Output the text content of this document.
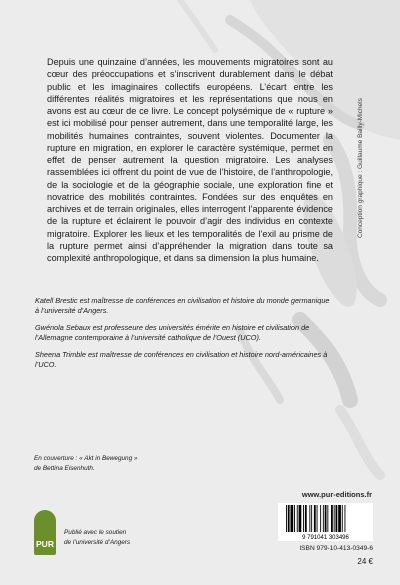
Depuis une quinzaine d’années, les mouvements migratoires sont au cœur des préoccupations et s’inscrivent durablement dans le débat public et les imaginaires collectifs européens. L’écart entre les différentes réalités migratoires et les représentations que nous en avons est au cœur de ce livre. Le concept polysémique de « rupture » est ici mobilisé pour penser autrement, dans une temporalité large, les mobilités humaines contraintes, souvent violentes. Documenter la rupture en migration, en explorer le caractère systémique, permet en effet de penser autrement la question migratoire. Les analyses rassemblées ici offrent du point de vue de l’histoire, de l’anthropologie, de la sociologie et de la géographie sociale, une exploration fine et novatrice des mobilités contraintes. Fondées sur des enquêtes en archives et de terrain originales, elles interrogent l’apparente évidence de la rupture et éclairent le pouvoir d’agir des individus en contexte migratoire. Explorer les lieux et les temporalités de l’exil au prisme de la rupture permet ainsi d’appréhender la migration dans toute sa complexité anthropologique, et dans sa dimension la plus humaine.

Katell Brestic est maîtresse de conférences en civilisation et histoire du monde germanique à l’université d’Angers.

Gwénola Sebaux est professeure des universités émérite en histoire et civilisation de l’Allemagne contemporaine à l’université catholique de l’Ouest (UCO).

Sheena Trimble est maîtresse de conférences en civilisation et histoire nord-américaines à l’UCO.

Conception graphique : Guillaume Bailly-Michels
En couverture : « Akt in Bewegung »
de Bettina Eisenhuth.
PUR
Publié avec le soutien
de l’université d’Angers
www.pur-editions.fr
9 791041 303496
ISBN 979-10-413-0349-6
24 €
